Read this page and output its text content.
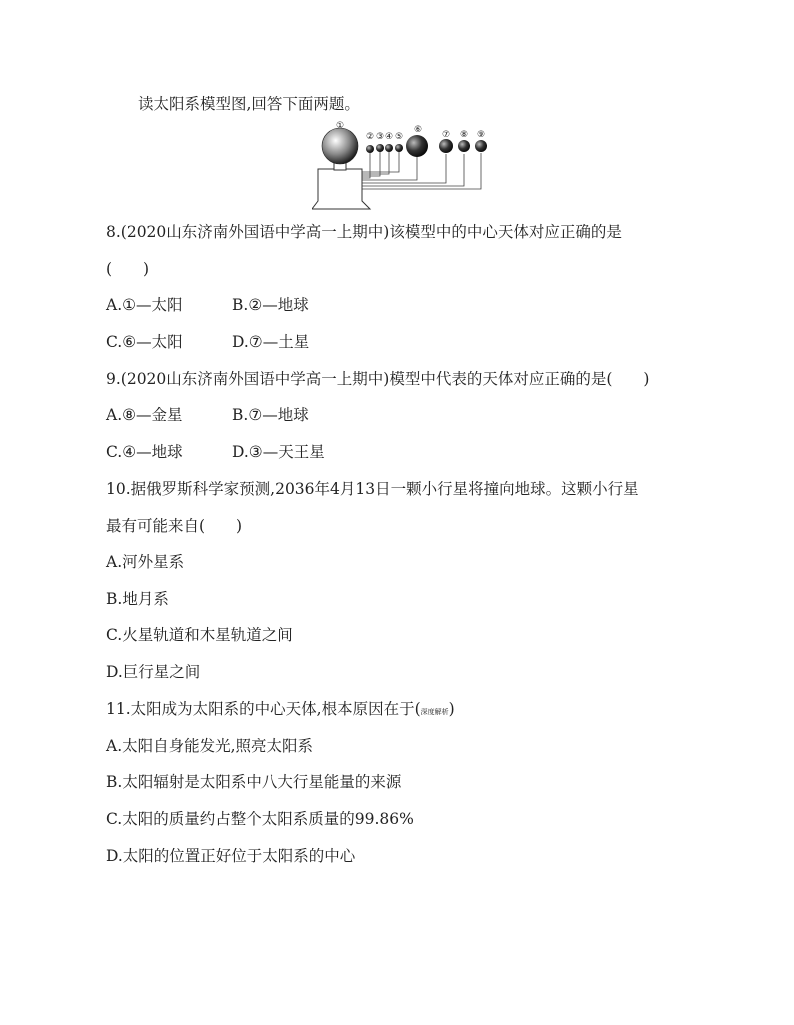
读太阳系模型图,回答下面两题。
①
② ③ ④ ⑤
⑥ ⑦ ⑧ ⑨
8.(2020山东济南外国语中学高一上期中)该模型中的中心天体对应正确的是
(　　)
A.①—太阳	B.②—地球
C.⑥—太阳	D.⑦—土星
9.(2020山东济南外国语中学高一上期中)模型中代表的天体对应正确的是(　　)
A.⑧—金星	B.⑦—地球
C.④—地球	D.③—天王星
10.据俄罗斯科学家预测,2036年4月13日一颗小行星将撞向地球。这颗小行星
最有可能来自(　　)
A.河外星系
B.地月系
C.火星轨道和木星轨道之间
D.巨行星之间
11.太阳成为太阳系的中心天体,根本原因在于(深度解析)
A.太阳自身能发光,照亮太阳系
B.太阳辐射是太阳系中八大行星能量的来源
C.太阳的质量约占整个太阳系质量的99.86%
D.太阳的位置正好位于太阳系的中心
